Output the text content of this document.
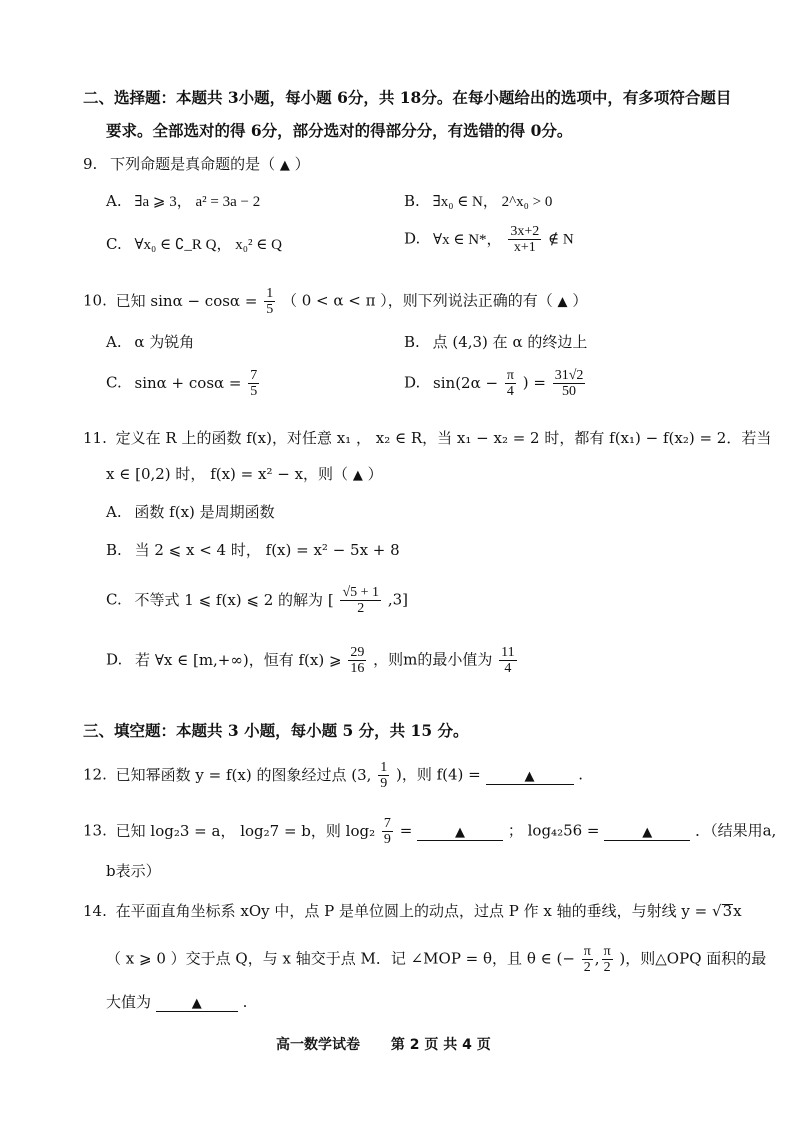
二、选择题：本题共 3小题，每小题 6分，共 18分。在每小题给出的选项中，有多项符合题目
要求。全部选对的得 6分，部分选对的得部分分，有选错的得 0分。
9. 下列命题是真命题的是（ ▲ ）
A. ∃a ⩾ 3， a² = 3a − 2	B. ∃x₀ ∈ N， 2^x₀ > 0
C. ∀x₀ ∈ ∁_R Q， x₀² ∈ Q	D. ∀x ∈ N*， $\frac{3x+2}{x+1}$ ∉ N
10. 已知 $\sin\alpha - \cos\alpha = \frac{1}{5}$ （ 0 < α < π ），则下列说法正确的有（ ▲ ）
A. α 为锐角	B. 点 (4,3) 在 α 的终边上
C. $\sin\alpha + \cos\alpha = \frac{7}{5}$	D. $\sin(2\alpha - \frac{\pi}{4}$ ) = $\frac{31√2}{50}$
11. 定义在 R 上的函数 f(x)，对任意 x₁ ， x₂ ∈ R，当 x₁ − x₂ = 2 时，都有 f(x₁) − f(x₂) = 2．若当
x ∈ [0,2) 时， f(x) = x² − x，则（ ▲ ）
A. 函数 f(x) 是周期函数
B. 当 2 ⩽ x < 4 时， f(x) = x² − 5x + 8
C. 不等式 1 ⩽ f(x) ⩽ 2 的解为 [ $\frac{√5 + 1}{2} ,3$]
D. 若 ∀x ∈ [m,+∞)，恒有 f(x) ⩾ $\frac{29}{16}$ ，则m的最小值为 $\frac{11}{4}$
三、填空题：本题共 3 小题，每小题 5 分，共 15 分。
12. 已知幂函数 y = f(x) 的图象经过点 (3, $\frac{1}{9}$ )，则 f(4) =	▲	.
13. 已知 log₂3 = a， log₂7 = b，则 $\log_2 \frac{7}{9}$ =	▲	； log₄₂56 =	▲	．（结果用a,
b表示）
14. 在平面直角坐标系 xOy 中，点 P 是单位圆上的动点，过点 P 作 x 轴的垂线，与射线 y = √3x
（ x ⩾ 0 ）交于点 Q，与 x 轴交于点 M．记 ∠MOP = θ，且 θ ∈ (− $\frac{\pi}{2}$ , $\frac{\pi}{2}$ )，则△OPQ 面积的最
大值为	▲	.
高一数学试卷 第 2 页 共 4 页
